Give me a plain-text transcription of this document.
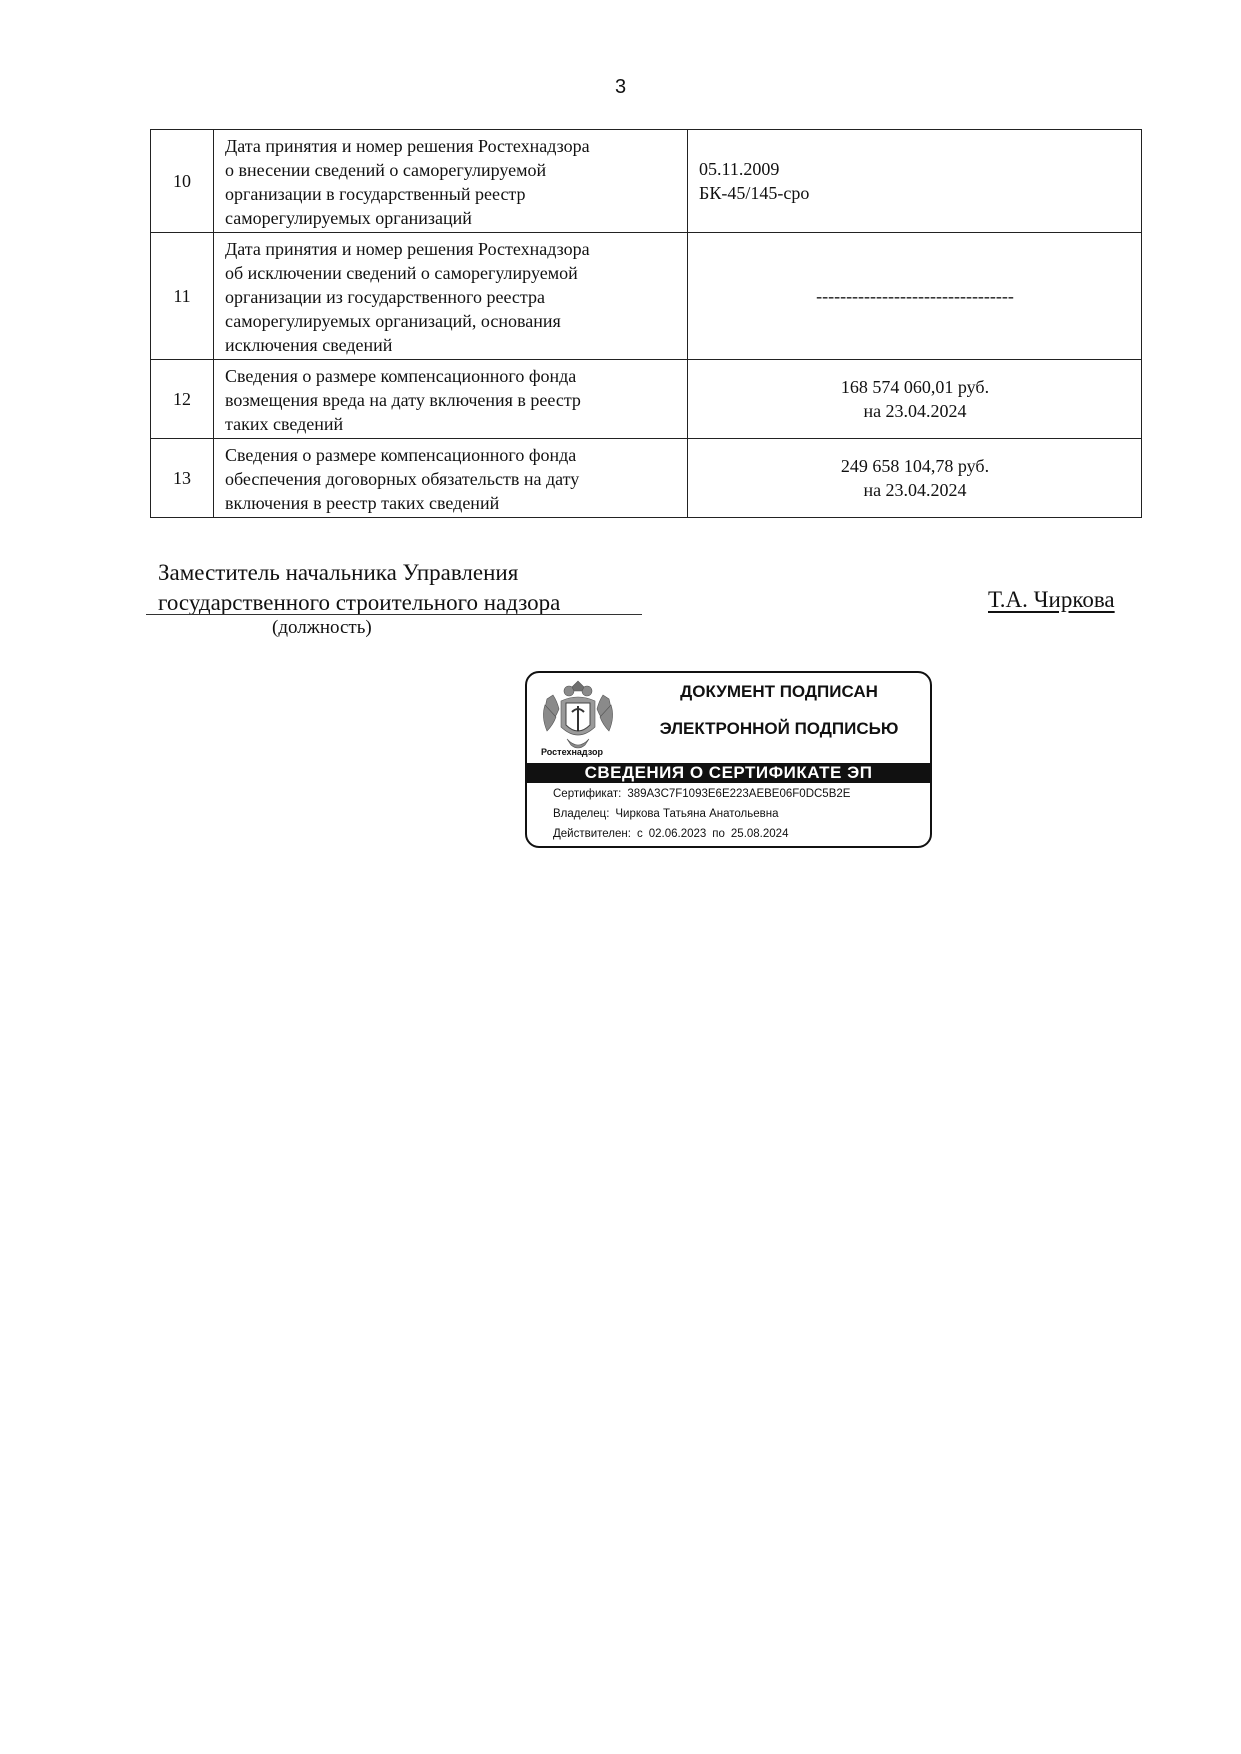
3
10	Дата принятия и номер решения Ростехнадзора
о внесении сведений о саморегулируемой
организации в государственный реестр
саморегулируемых организаций	05.11.2009
БК-45/145-сро

11	Дата принятия и номер решения Ростехнадзора
об исключении сведений о саморегулируемой
организации из государственного реестра
саморегулируемых организаций, основания
исключения сведений	---------------------------------

12	Сведения о размере компенсационного фонда
возмещения вреда на дату включения в реестр
таких сведений	168 574 060,01 руб.
на 23.04.2024

13	Сведения о размере компенсационного фонда
обеспечения договорных обязательств на дату
включения в реестр таких сведений	249 658 104,78 руб.
на 23.04.2024
Заместитель начальника Управления
государственного строительного надзора
(должность)
Т.А. Чиркова
Ростехнадзор
ДОКУМЕНТ ПОДПИСАН
ЭЛЕКТРОННОЙ ПОДПИСЬЮ
СВЕДЕНИЯ О СЕРТИФИКАТЕ ЭП
Сертификат: 389A3C7F1093E6E223AEBE06F0DC5B2E
Владелец: Чиркова Татьяна Анатольевна
Действителен: с 02.06.2023 по 25.08.2024
